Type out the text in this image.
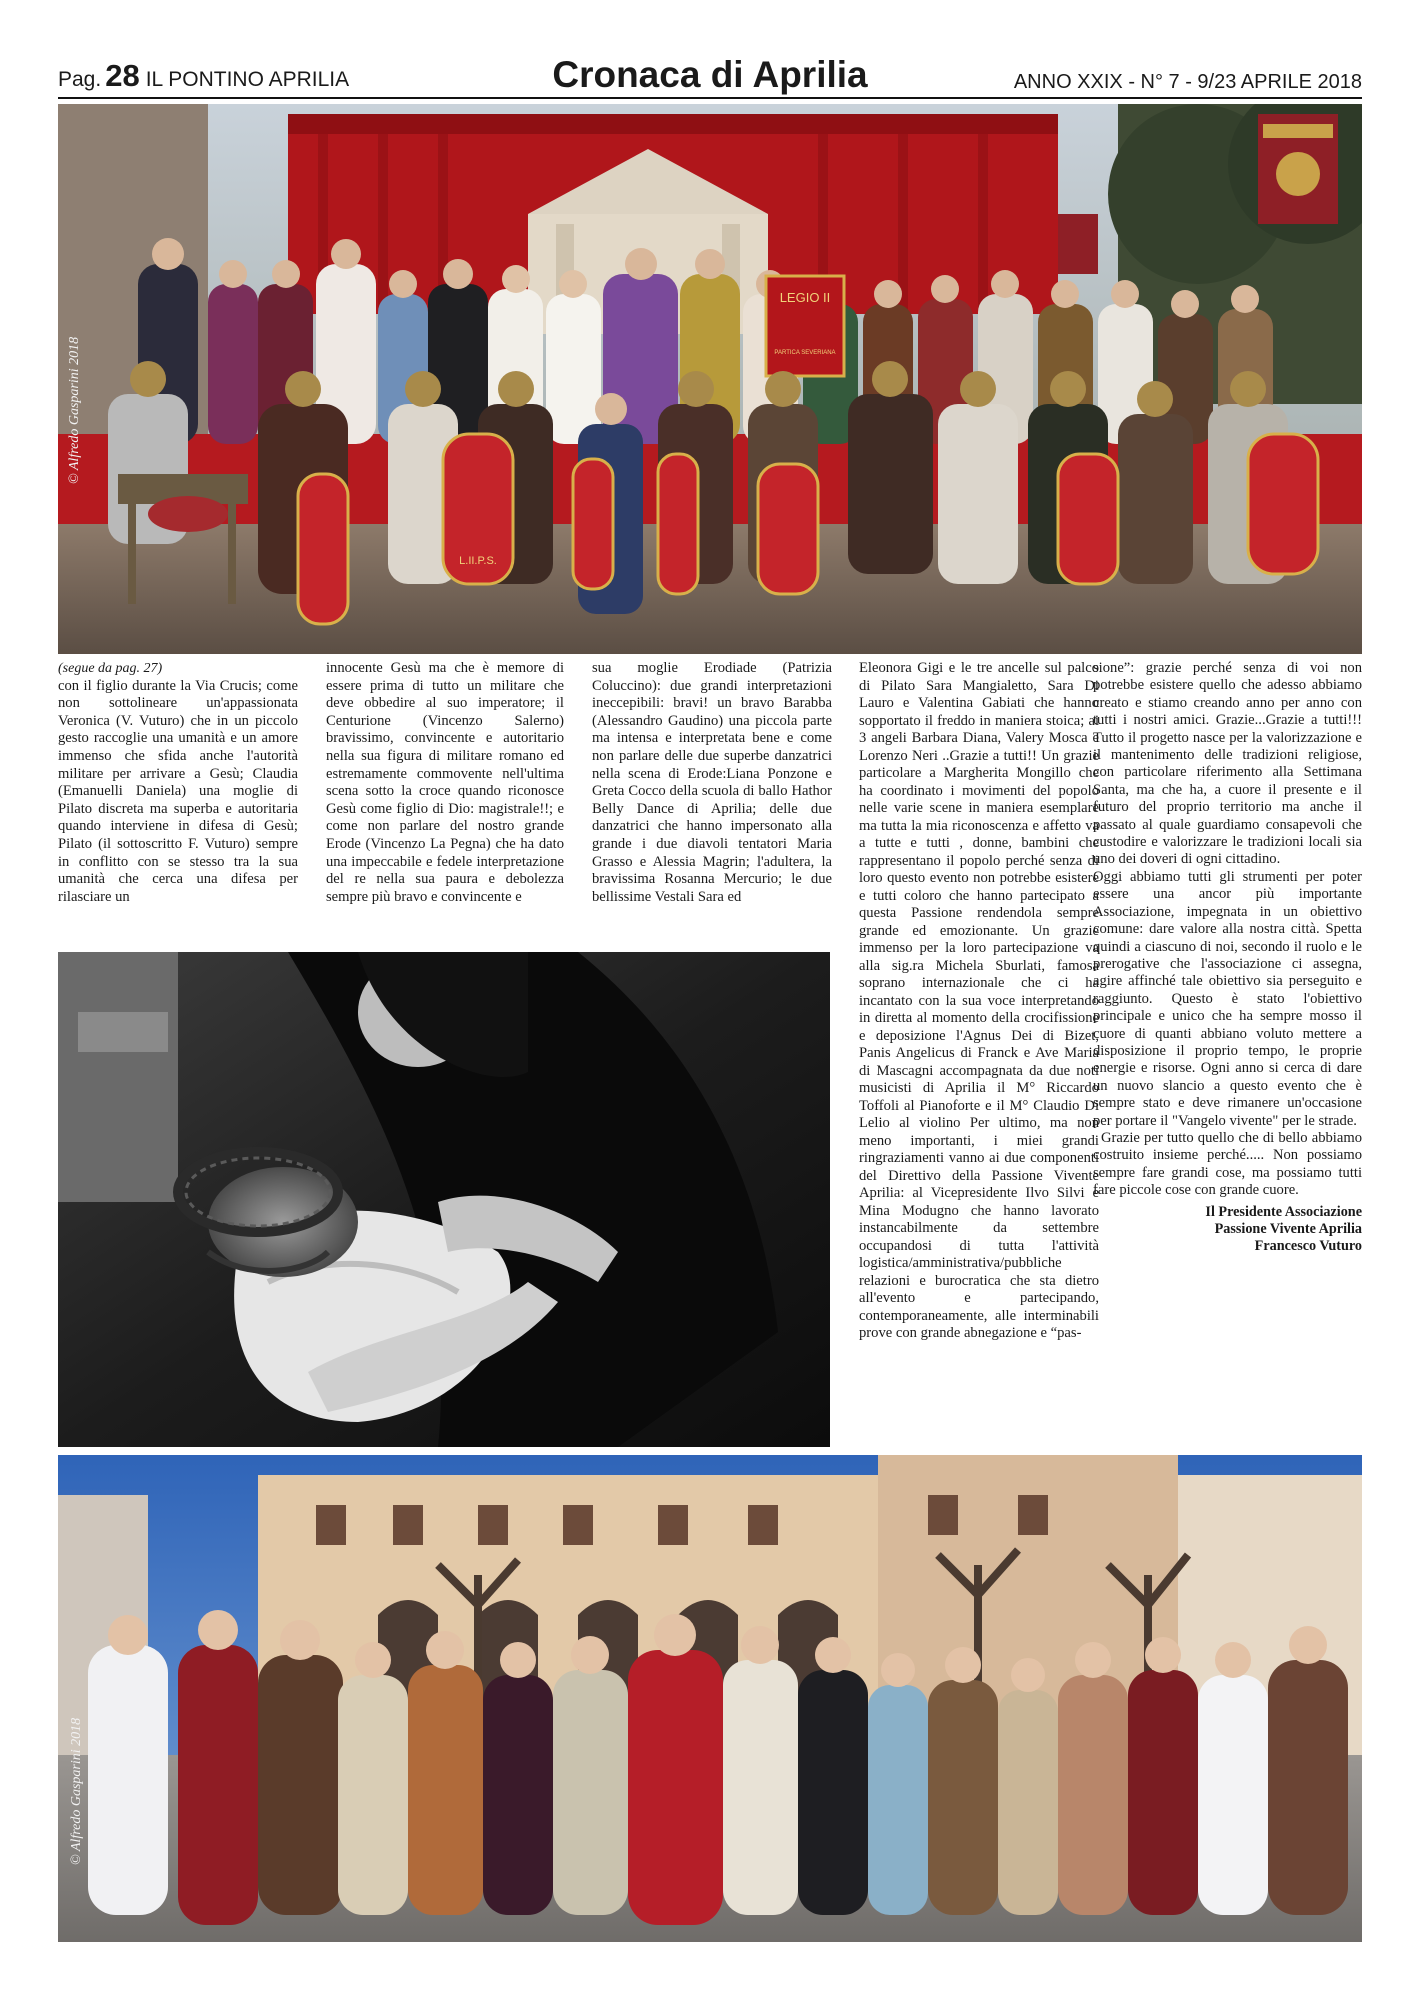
Pag. 28 IL PONTINO APRILIA	Cronaca di Aprilia	ANNO XXIX - N° 7 - 9/23 APRILE 2018
LEGIO II
PARTICA SEVERIANA
L.II.P.S.
© Alfredo Gasparini 2018

(segue da pag. 27)

con il figlio durante la Via Crucis; come non sottolineare un'appassionata Veronica (V. Vuturo) che in un piccolo gesto raccoglie una umanità e un amore immenso che sfida anche l'autorità militare per arrivare a Gesù; Claudia (Emanuelli Daniela) una moglie di Pilato discreta ma superba e autoritaria quando interviene in difesa di Gesù; Pilato (il sottoscritto F. Vuturo) sempre in conflitto con se stesso tra la sua umanità che cerca una difesa per rilasciare un

innocente Gesù ma che è memore di essere prima di tutto un militare che deve obbedire al suo imperatore; il Centurione (Vincenzo Salerno) bravissimo, convincente e autoritario nella sua figura di militare romano ed estremamente commovente nell'ultima scena sotto la croce quando riconosce Gesù come figlio di Dio: magistrale!!; e come non parlare del nostro grande Erode (Vincenzo La Pegna) che ha dato una impeccabile e fedele interpretazione del re nella sua paura e debolezza sempre più bravo e convincente e

sua moglie Erodiade (Patrizia Coluccino): due grandi interpretazioni ineccepibili: bravi! un bravo Barabba (Alessandro Gaudino) una piccola parte ma intensa e interpretata bene e come non parlare delle due superbe danzatrici nella scena di Erode:Liana Ponzone e Greta Cocco della scuola di ballo Hathor Belly Dance di Aprilia; delle due danzatrici che hanno impersonato alla grande i due diavoli tentatori Maria Grasso e Alessia Magrin; l'adultera, la bravissima Rosanna Mercurio; le due bellissime Vestali Sara ed

Eleonora Gigi e le tre ancelle sul palco di Pilato Sara Mangialetto, Sara Di Lauro e Valentina Gabiati che hanno sopportato il freddo in maniera stoica; ai 3 angeli Barbara Diana, Valery Mosca e Lorenzo Neri ..Grazie a tutti!! Un grazie particolare a Margherita Mongillo che ha coordinato i movimenti del popolo nelle varie scene in maniera esemplare ma tutta la mia riconoscenza e affetto va a tutte e tutti , donne, bambini che rappresentano il popolo perché senza di loro questo evento non potrebbe esistere e tutti coloro che hanno partecipato a questa Passione rendendola sempre grande ed emozionante. Un grazie immenso per la loro partecipazione va alla sig.ra Michela Sburlati, famosa soprano internazionale che ci ha incantato con la sua voce interpretando in diretta al momento della crocifissione e deposizione l'Agnus Dei di Bizet, Panis Angelicus di Franck e Ave Maria di Mascagni accompagnata da due noti musicisti di Aprilia il M° Riccardo Toffoli al Pianoforte e il M° Claudio Di Lelio al violino Per ultimo, ma non meno importanti, i miei grandi ringraziamenti vanno ai due componenti del Direttivo della Passione Vivente Aprilia: al Vicepresidente Ilvo Silvi e Mina Modugno che hanno lavorato instancabilmente da settembre occupandosi di tutta l'attività logistica/amministrativa/pubbliche relazioni e burocratica che sta dietro all'evento e partecipando, contemporaneamente, alle interminabili prove con grande abnegazione e “pas-

sione”: grazie perché senza di voi non potrebbe esistere quello che adesso abbiamo creato e stiamo creando anno per anno con tutti i nostri amici. Grazie...Grazie a tutti!!! Tutto il progetto nasce per la valorizzazione e il mantenimento delle tradizioni religiose, con particolare riferimento alla Settimana Santa, ma che ha, a cuore il presente e il futuro del proprio territorio ma anche il passato al quale guardiamo consapevoli che custodire e valorizzare le tradizioni locali sia uno dei doveri di ogni cittadino.

Oggi abbiamo tutti gli strumenti per poter essere una ancor più importante Associazione, impegnata in un obiettivo comune: dare valore alla nostra città. Spetta quindi a ciascuno di noi, secondo il ruolo e le prerogative che l'associazione ci assegna, agire affinché tale obiettivo sia perseguito e raggiunto. Questo è stato l'obiettivo principale e unico che ha sempre mosso il cuore di quanti abbiano voluto mettere a disposizione il proprio tempo, le proprie energie e risorse. Ogni anno si cerca di dare un nuovo slancio a questo evento che è sempre stato e deve rimanere un'occasione per portare il "Vangelo vivente" per le strade.

Grazie per tutto quello che di bello abbiamo costruito insieme perché..... Non possiamo sempre fare grandi cose, ma possiamo tutti fare piccole cose con grande cuore.

Il Presidente Associazione
Passione Vivente Aprilia
Francesco Vuturo
© Alfredo Gasparini 2018
